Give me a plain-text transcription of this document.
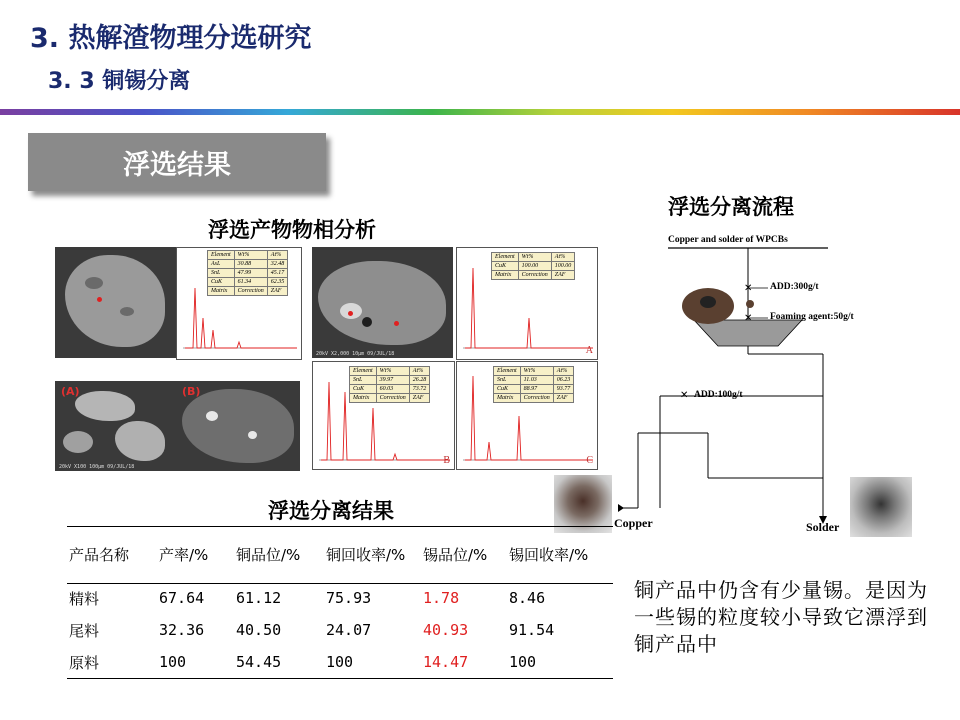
3. 热解渣物理分选研究
3. 3 铜锡分离
浮选结果
浮选产物物相分析
浮选分离流程
Element	Wt%	At%
AsL	30.88	32.48
SnL	47.99	45.17
CuK	61.34	62.35
Matrix	Correction	ZAF
20kV X2,000 10µm 09/JUL/18
Element	Wt%	At%
CuK	100.00	100.00
Matrix	Correction	ZAF
A
(A)
20kV X100 100µm 09/JUL/18
(B)
Element	Wt%	At%
SnL	39.97	26.28
CuK	60.03	73.72
Matrix	Correction	ZAF
B
Element	Wt%	At%
SnL	11.03	06.23
CuK	88.97	93.77
Matrix	Correction	ZAF
C
✕
✕
✕
Copper and solder of WPCBs
ADD:300g/t
Foaming agent:50g/t
ADD:100g/t
Copper	Solder
浮选分离结果
产品名称	产率/%	铜品位/%	铜回收率/%	锡品位/%	锡回收率/%
精料	67.64	61.12	75.93	1.78	8.46
尾料	32.36	40.50	24.07	40.93	91.54
原料	100	54.45	100	14.47	100
铜产品中仍含有少量锡。是因为一些锡的粒度较小导致它漂浮到铜产品中
